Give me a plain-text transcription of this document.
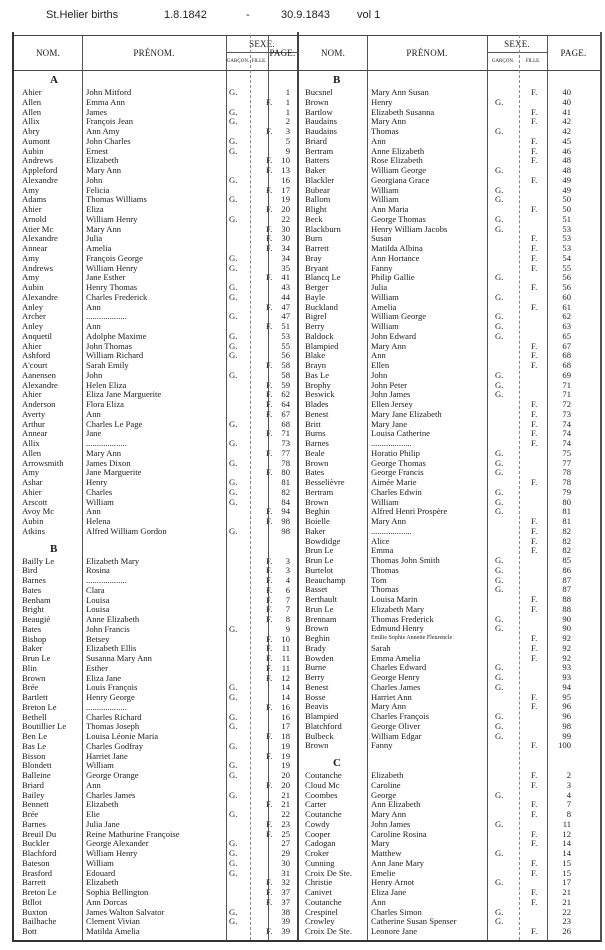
St.Helier births	1.8.1842	-	30.9.1843 vol 1
NOM.	PRÉNOM.
SEXE.
GARÇON. FILLE.
PAGE.
A
Ahier	John Mitford	G.	1
Allen	Emma Ann	F.	1
Allen	James	G.	1
Allix	François Jean	G.	2
Abry	Ann Amy	F.	3
Aumont	John Charles	G.	5
Aubin	Ernest	G.	9
Andrews	Elizabeth	F.	10
Appleford	Mary Ann	F.	13
Alexandre	John	G.	16
Amy	Felicia	F.	17
Adams	Thomas Williams	G.	19
Ahier	Eliza	F.	20
Arnold	William Henry	G.	22
Atier Mc	Mary Ann	F.	30
Alexandre	Julia	F.	30
Annear	Amelia	F.	34
Amy	François George	G.	34
Andrews	William Henry	G.	35
Amy	Jane Esther	F.	41
Aubin	Henry Thomas	G.	43
Alexandre	Charles Frederick	G.	44
Anley	Ann	F.	47
Archer	...................	G.	47
Anley	Ann	F.	51
Anquetil	Adolphe Maxime	G.	53
Ahier	John Thomas	G.	55
Ashford	William Richard	G.	56
A'court	Sarah Emily	F.	58
Aanensen	John	G.	58
Alexandre	Helen Eliza	F.	59
Ahier	Eliza Jane Marguerite	F.	62
Anderson	Flora Eliza	F.	64
Averty	Ann	F.	67
Arthur	Charles Le Page	G.	68
Annear	Jane	F.	71
Allix	...................	G.	73
Allen	Mary Ann	F.	77
Arrowsmith	James Dixon	G.	78
Amy	Jane Marguerite	F.	80
Ashar	Henry	G.	81
Ahier	Charles	G.	82
Arscott	William	G.	84
Avoy Mc	Ann	F.	94
Aubin	Helena	F.	98
Atkins	Alfred William Gordon	G.	98
B
Bailly Le	Elizabeth Mary	F.	3
Bird	Rosina	F.	3
Barnes	...................	F.	4
Bates	Clara	F.	6
Benham	Louisa	F.	7
Bright	Louisa	F.	7
Beaugié	Anne Elizabeth	F.	8
Bates	John Francis	G.	9
Bishop	Betsey	F.	10
Baker	Elizabeth Ellis	F.	11
Brun Le	Susanna Mary Ann	F.	11
Blin	Esther	F.	11
Brown	Eliza Jane	F.	12
Brée	Louis François	G.	14
Bartlett	Henry George	G.	14
Breton Le	...................	F.	16
Bethell	Charles Richard	G.	16
Boutillier Le Thomas Joseph	G.	17
Ben Le	Louisa Léonie Maria	F.	18
Bas Le	Charles Godfray	G.	19
Bisson	Harriet Jane	F.	19
Blondett	William	G.	19
Balleine	George Orange	G.	20
Briard	Ann	F.	20
Bailey	Charles James	G.	21
Bennett	Elizabeth	F.	21
Brée	Elie	G.	22
Barnes	Julia Jane	F.	23
Breuil Du	Reine Mathurine Françoise	F.	25
Buckler	George Alexander	G.	27
Blachford	William Henry	G.	29
Bateson	William	G.	30
Brasford	Edouard	G.	31
Barrett	Elizabeth	F.	32
Breton Le	Sophia Bellington	F.	37
Btllot	Ann Dorcas	F.	37
Buxton	James Walton Salvator	G.	38
Bailhache	Clement Vivian	G.	39
Bott	Matilda Amelia	F.	39
NOM.	PRÉNOM.
SEXE.
GARÇON.	FILLE.
PAGE.
B
Bucsnel	Mary Ann Susan	F.	40
Brown	Henry	G.	40
Bartlow	Elizabeth Susanna	F.	41
Baudains	Mary Ann	F.	42
Baudains	Thomas	G.	42
Briard	Ann	F.	45
Bertram	Anne Elizabeth	F.	46
Batters	Rose Elizabeth	F.	48
Baker	William George	G.	48
Blackler	Georgiana Grace	F.	49
Bubear	William	G.	49
Ballom	William	G.	50
Blight	Ann Maria	F.	50
Beck	George Thomas	G.	51
Blackburn	Henry William Jacobs	G.	53
Burn	Susan	F.	53
Barrett	Matilda Albina	F.	53
Bray	Ann Hortance	F.	54
Bryant	Fanny	F.	55
Blancq Le	Philip Gallie	G.	56
Berger	Julia	F.	56
Bayle	William	G.	60
Buckland	Amelia	F.	61
Bigrel	William George	G.	62
Berry	William	G.	63
Baldock	John Edward	G.	65
Blampied	Mary Ann	F.	67
Blake	Ann	F.	68
Brayn	Ellen	F.	68
Bas Le	John	G.	69
Brophy	John Peter	G.	71
Beswick	John James	G.	71
Blades	Ellen Jersey	F.	72
Benest	Mary Jane Elizabeth	F.	73
Britt	Mary Jane	F.	74
Burns	Louisa Catherine	F.	74
Barnes	...................	F.	74
Beale	Horatio Philip	G.	75
Brown	George Thomas	G.	77
Bates	George Francis	G.	78
Besselièvre	Aimée Marie	F.	78
Bertram	Charles Edwin	G.	79
Brown	William	G.	80
Beghin	Alfred Henri Prospère	G.	81
Boielle	Mary Ann	F.	81
Baker	...................	F.	82
Bowdidge	Alice	F.	82
Brun Le	Emma	F.	82
Brun Le	Thomas John Smith	G.	85
Burtelot	Thomas	G.	86
Beauchamp	Tom	G.	87
Basset	Thomas	G.	87
Berthault	Louisa Marin	F.	88
Brun Le	Elizabeth Mary	F.	88
Brennam	Thomas Frederick	G.	90
Brown	Edmund Henry	G.	90
Beghin	Emilie Sophie Annette Fleurencle	F.	92
Brady	Sarah	F.	92
Bowden	Emma Amelia	F.	92
Burne	Charles Edward	G.	93
Berry	George Henry	G.	93
Benest	Charles James	G.	94
Bosse	Harriet Ann	F.	95
Beavis	Mary Ann	F.	96
Blampied	Charles François	G.	96
Blatchford	George Oliver	G.	98
Bulbeck	William Edgar	G.	99
Brown	Fanny	F.	100
C
Coutanche	Elizabeth	F.	2
Cloud Mc	Caroline	F.	3
Coombes	George	G.	4
Carter	Ann Elizabeth	F.	7
Coutanche	Mary Ann	F.	8
Cowdy	John James	G.	11
Cooper	Caroline Rosina	F.	12
Cadogan	Mary	F.	14
Croker	Matthew	G.	14
Cunning	Ann Jane Mary	F.	15
Croix De Ste. Emelie	F.	15
Christie	Henry Arnot	G.	17
Canivet	Eliza Jane	F.	21
Coutanche	Ann	F.	21
Crespinel	Charles Simon	G.	22
Crowley	Catherine Susan Spenser	G.	23
Croix De Ste. Leonore Jane	F.	26
